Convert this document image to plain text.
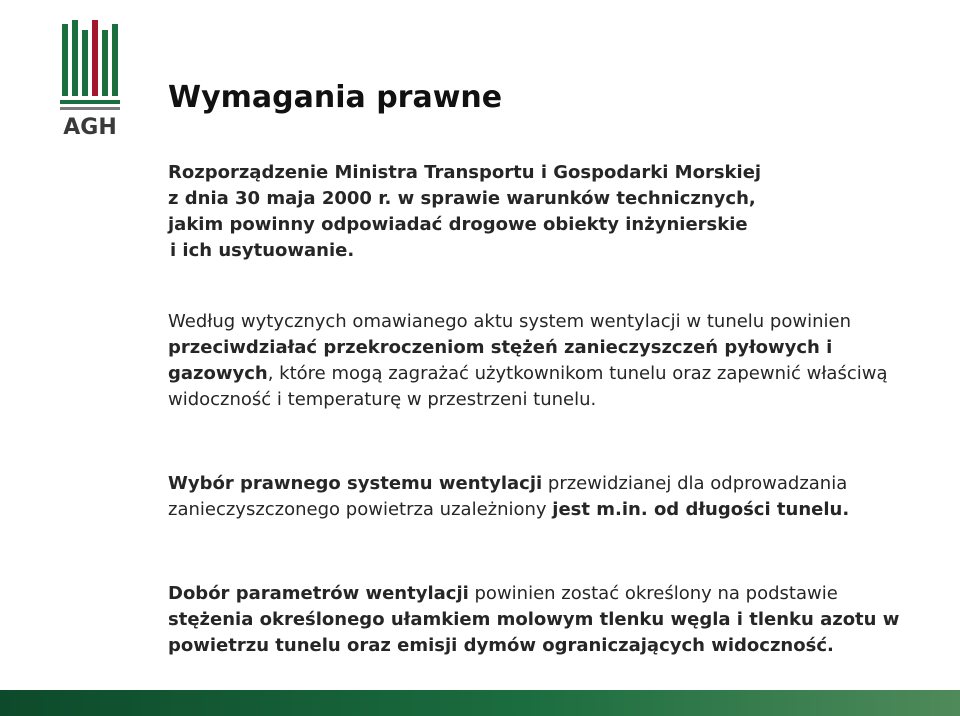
AGH
Wymagania prawne

Rozporządzenie Ministra Transportu i Gospodarki Morskiej
z dnia 30 maja 2000 r. w sprawie warunków technicznych,
jakim powinny odpowiadać drogowe obiekty inżynierskie
i ich usytuowanie.

Według wytycznych omawianego aktu system wentylacji w tunelu powinien przeciwdziałać przekroczeniom stężeń zanieczyszczeń pyłowych i gazowych, które mogą zagrażać użytkownikom tunelu oraz zapewnić właściwą widoczność i temperaturę w przestrzeni tunelu.

Wybór prawnego systemu wentylacji przewidzianej dla odprowadzania zanieczyszczonego powietrza uzależniony jest m.in. od długości tunelu.

Dobór parametrów wentylacji powinien zostać określony na podstawie stężenia określonego ułamkiem molowym tlenku węgla i tlenku azotu w powietrzu tunelu oraz emisji dymów ograniczających widoczność.
